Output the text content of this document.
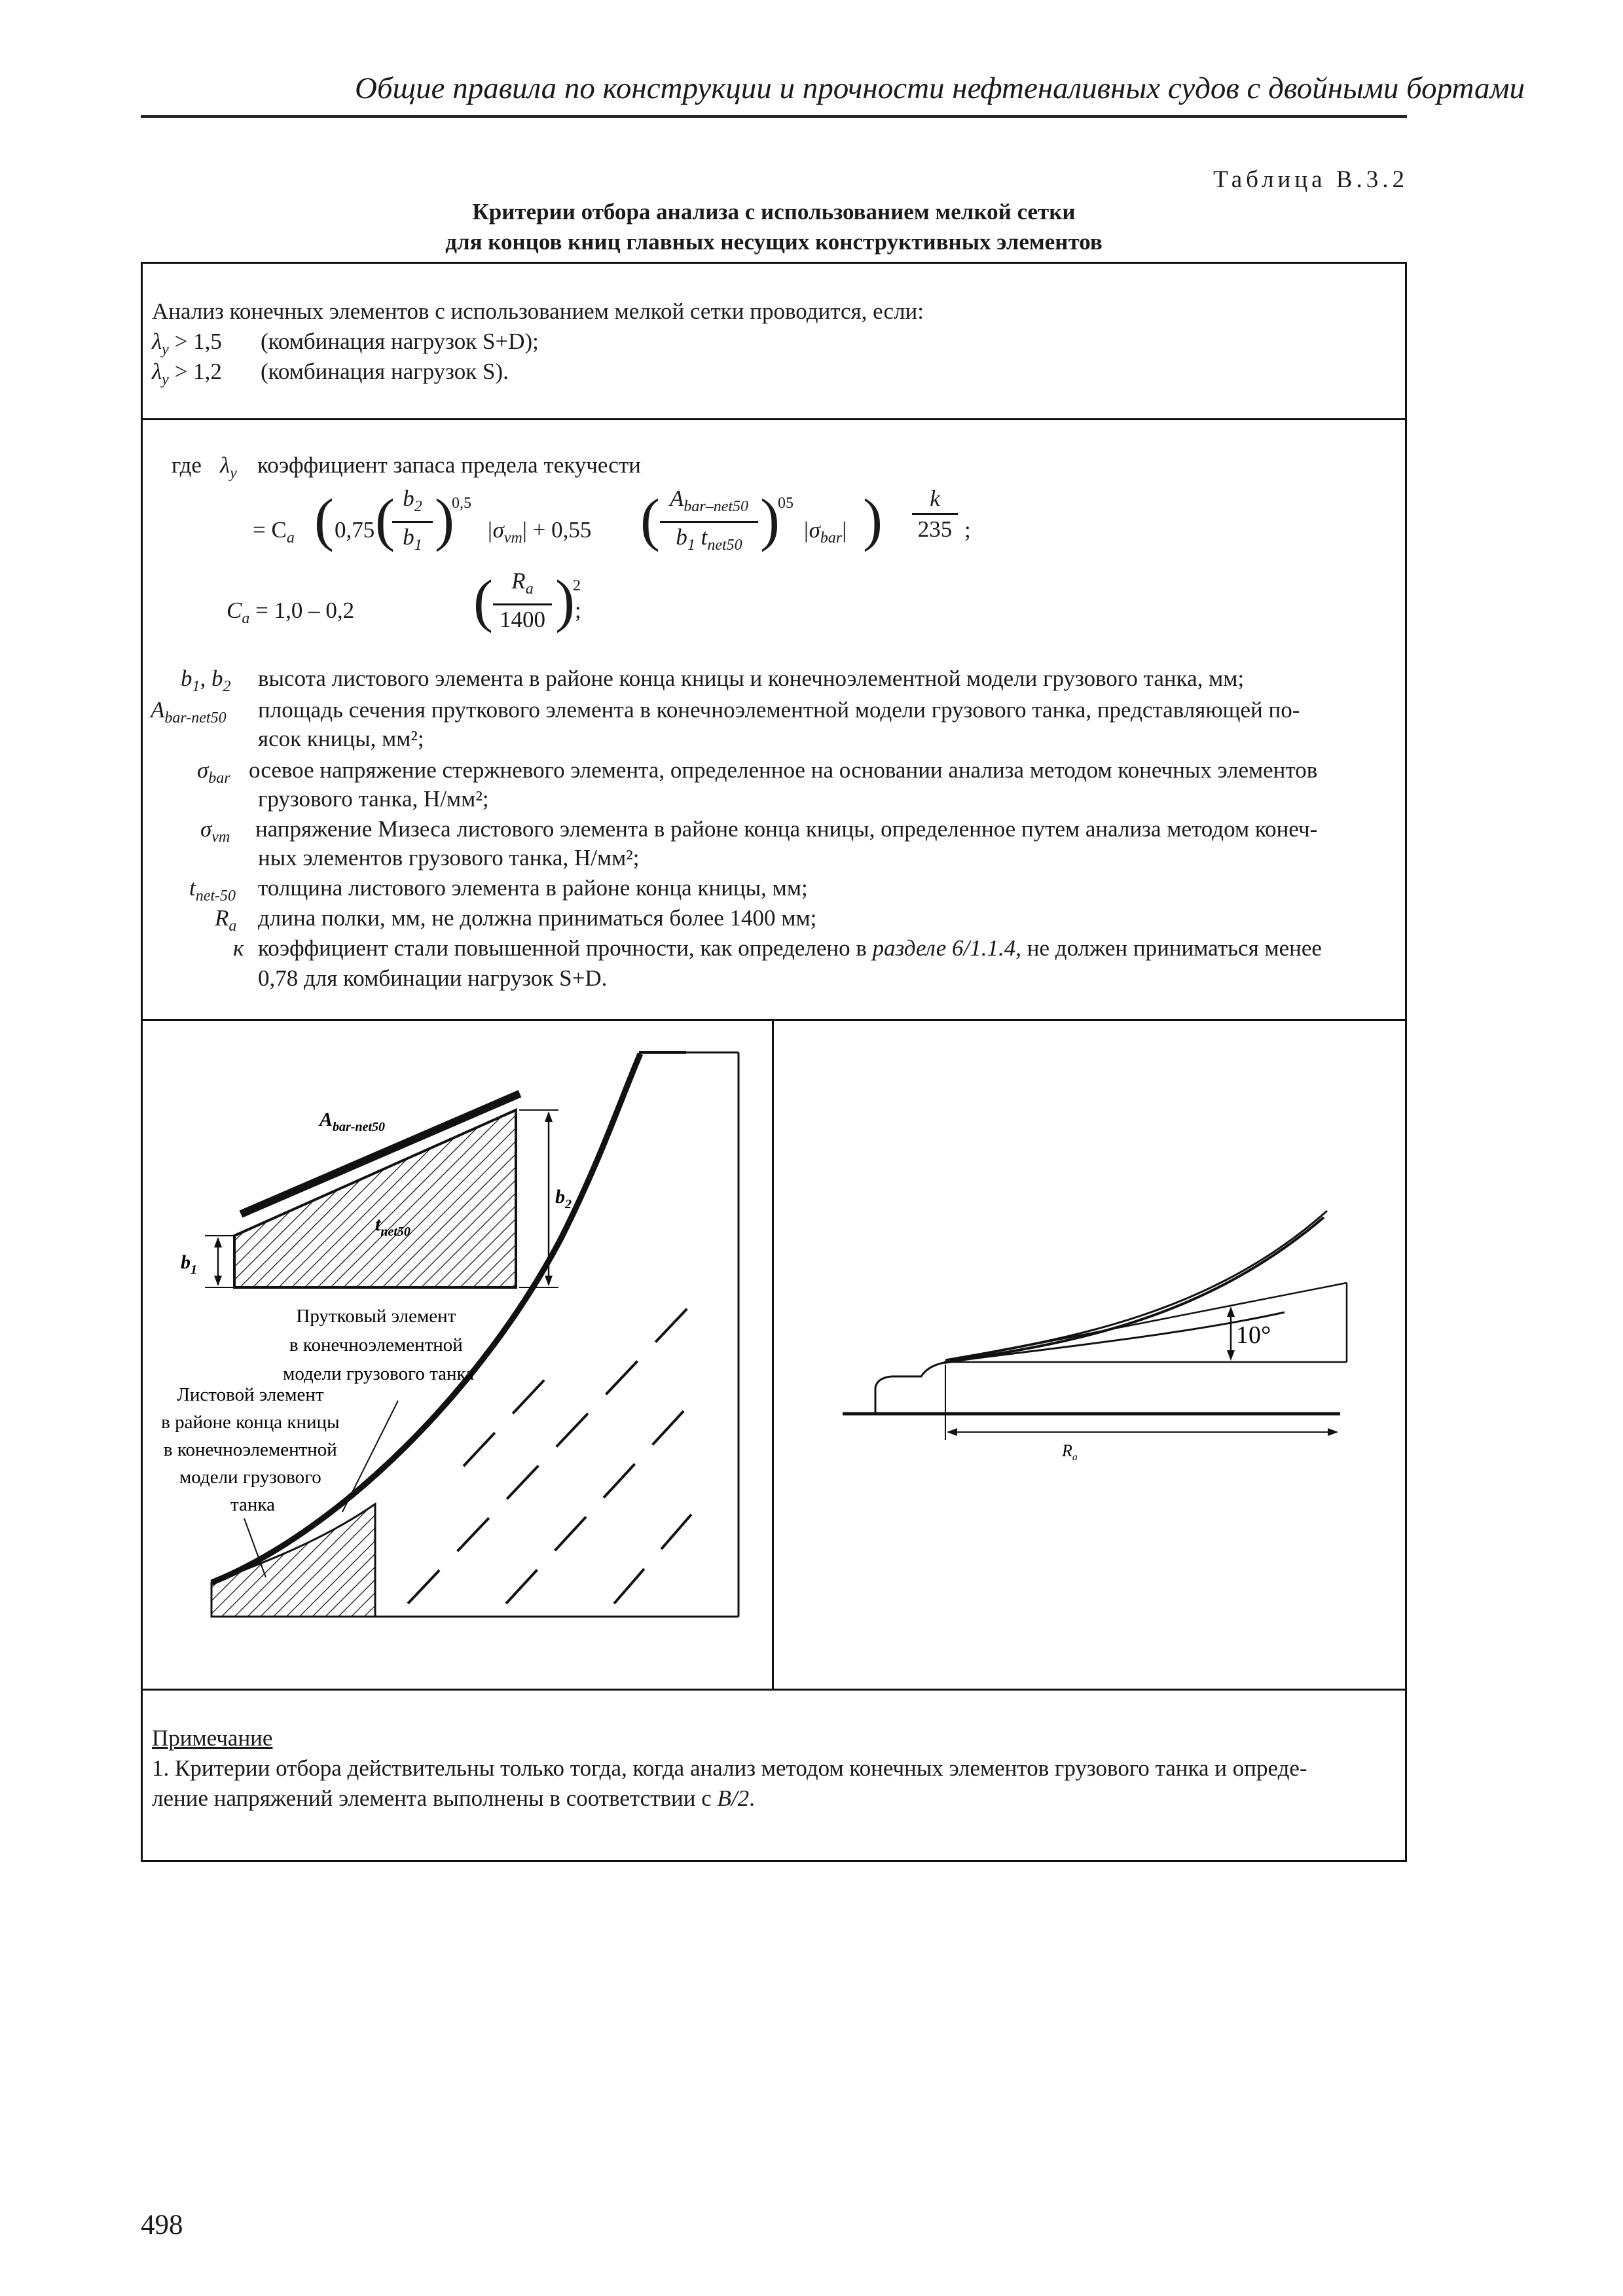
Общие правила по конструкции и прочности нефтеналивных судов с двойными бортами
Таблица В.3.2
Критерии отбора анализа с использованием мелкой сетки
для концов книц главных несущих конструктивных элементов
Анализ конечных элементов с использованием мелкой сетки проводится, если:
$\lambda_y > 1,5$ (комбинация нагрузок S+D);
$\lambda_y > 1,2$ (комбинация нагрузок S).
где $\lambda_y$ коэффициент запаса предела текучести
= $C_a$ ( 0,75 (
$\frac{b_2}{b_1}$ )
0,5
$|\sigma_{vm}| + 0,55$ ( $A_{bar-net50}$
$b_1$ $t_{net50}$ )
05
$|\sigma_{bar}|$ ) $\frac{k}{235}$ ;
$C_a = 1,0 - 0,2$ ( $\frac{R_a}{1400}$ )
2
;
$b_1$, $b_2$ высота листового элемента в районе конца кницы и конечноэлементной модели грузового танка, мм;
$A_{bar-net50}$ площадь сечения пруткового элемента в конечноэлементной модели грузового танка, представляющей по-
ясок кницы, мм²;
$\sigma_{bar}$ осевое напряжение стержневого элемента, определенное на основании анализа методом конечных элементов
грузового танка, Н/мм²;
$\sigma_{vm}$ напряжение Мизеса листового элемента в районе конца кницы, определенное путем анализа методом конеч-
ных элементов грузового танка, Н/мм²;
$t_{net-50}$ толщина листового элемента в районе конца кницы, мм;
$R_a$ длина полки, мм, не должна приниматься более 1400 мм;
к коэффициент стали повышенной прочности, как определено в разделе 6/1.1.4, не должен приниматься менее
0,78 для комбинации нагрузок S+D.
$A_{bar-net50}$
$t_{net50}$
$b_1$
$b_2$
Прутковый элемент в конечноэлементной модели грузового танка
Листовой элемент в районе конца кницы в конечноэлементной модели грузового танка
10°
$R_a$
Примечание
1. Критерии отбора действительны только тогда, когда анализ методом конечных элементов грузового танка и опреде-
ление напряжений элемента выполнены в соответствии с B/2.
498
